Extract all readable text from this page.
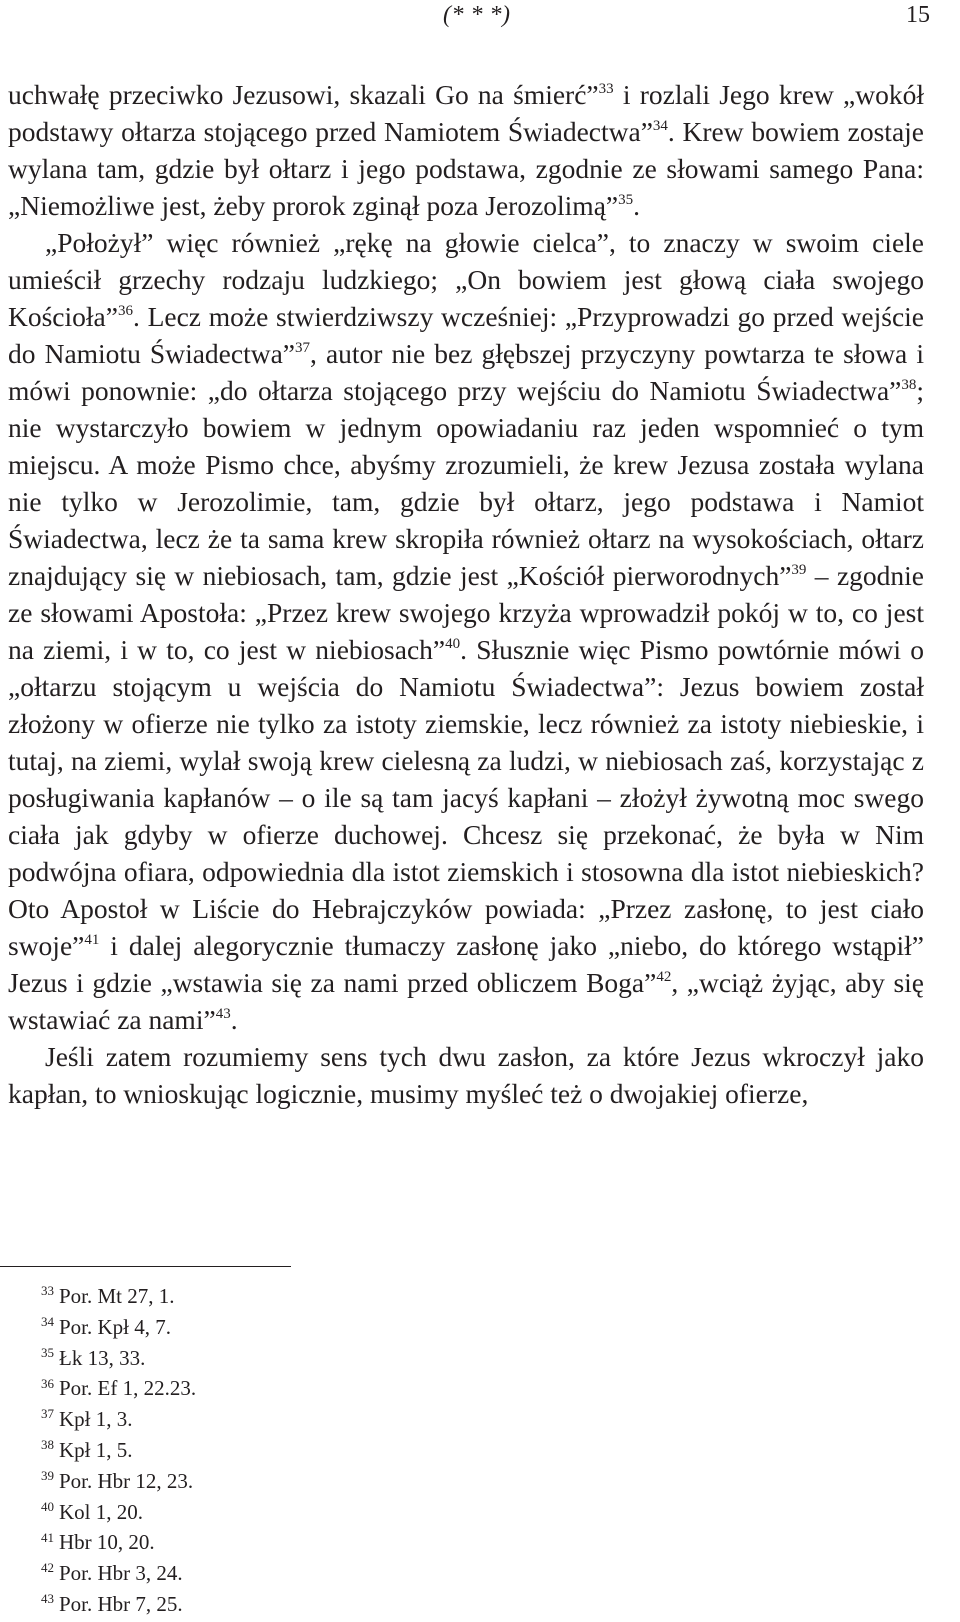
(* * *)	15

uchwałę przeciwko Jezusowi, skazali Go na śmierć”$^{33}$ i rozlali Jego krew „wokół podstawy ołtarza stojącego przed Namiotem Świadectwa”$^{34}$. Krew bowiem zostaje wylana tam, gdzie był ołtarz i jego podstawa, zgodnie ze słowami samego Pana: „Niemożliwe jest, żeby prorok zginął poza Jerozolimą”$^{35}$.

„Położył” więc również „rękę na głowie cielca”, to znaczy w swoim ciele umieścił grzechy rodzaju ludzkiego; „On bowiem jest głową ciała swojego Kościoła”$^{36}$. Lecz może stwierdziwszy wcześniej: „Przyprowadzi go przed wejście do Namiotu Świadectwa”$^{37}$, autor nie bez głębszej przyczyny powtarza te słowa i mówi ponownie: „do ołtarza stojącego przy wejściu do Namiotu Świadectwa”$^{38}$; nie wystarczyło bowiem w jednym opowiadaniu raz jeden wspomnieć o tym miejscu. A może Pismo chce, abyśmy zrozumieli, że krew Jezusa została wylana nie tylko w Jerozolimie, tam, gdzie był ołtarz, jego podstawa i Namiot Świadectwa, lecz że ta sama krew skropiła również ołtarz na wysokościach, ołtarz znajdujący się w niebiosach, tam, gdzie jest „Kościół pierworodnych”$^{39}$ – zgodnie ze słowami Apostoła: „Przez krew swojego krzyża wprowadził pokój w to, co jest na ziemi, i w to, co jest w niebiosach”$^{40}$. Słusznie więc Pismo powtórnie mówi o „ołtarzu stojącym u wejścia do Namiotu Świadectwa”: Jezus bowiem został złożony w ofierze nie tylko za istoty ziemskie, lecz również za istoty niebieskie, i tutaj, na ziemi, wylał swoją krew cielesną za ludzi, w niebiosach zaś, korzystając z posługiwania kapłanów – o ile są tam jacyś kapłani – złożył żywotną moc swego ciała jak gdyby w ofierze duchowej. Chcesz się przekonać, że była w Nim podwójna ofiara, odpowiednia dla istot ziemskich i stosowna dla istot niebieskich? Oto Apostoł w Liście do Hebrajczyków powiada: „Przez zasłonę, to jest ciało swoje”$^{41}$ i dalej alegorycznie tłumaczy zasłonę jako „niebo, do którego wstąpił” Jezus i gdzie „wstawia się za nami przed obliczem Boga”$^{42}$, „wciąż żyjąc, aby się wstawiać za nami”$^{43}$.

Jeśli zatem rozumiemy sens tych dwu zasłon, za które Jezus wkroczył jako kapłan, to wnioskując logicznie, musimy myśleć też o dwojakiej ofierze,

$^{33}$ Por. Mt 27, 1.
$^{34}$ Por. Kpł 4, 7.
$^{35}$ Łk 13, 33.
$^{36}$ Por. Ef 1, 22.23.
$^{37}$ Kpł 1, 3.
$^{38}$ Kpł 1, 5.
$^{39}$ Por. Hbr 12, 23.
$^{40}$ Kol 1, 20.
$^{41}$ Hbr 10, 20.
$^{42}$ Por. Hbr 3, 24.
$^{43}$ Por. Hbr 7, 25.
